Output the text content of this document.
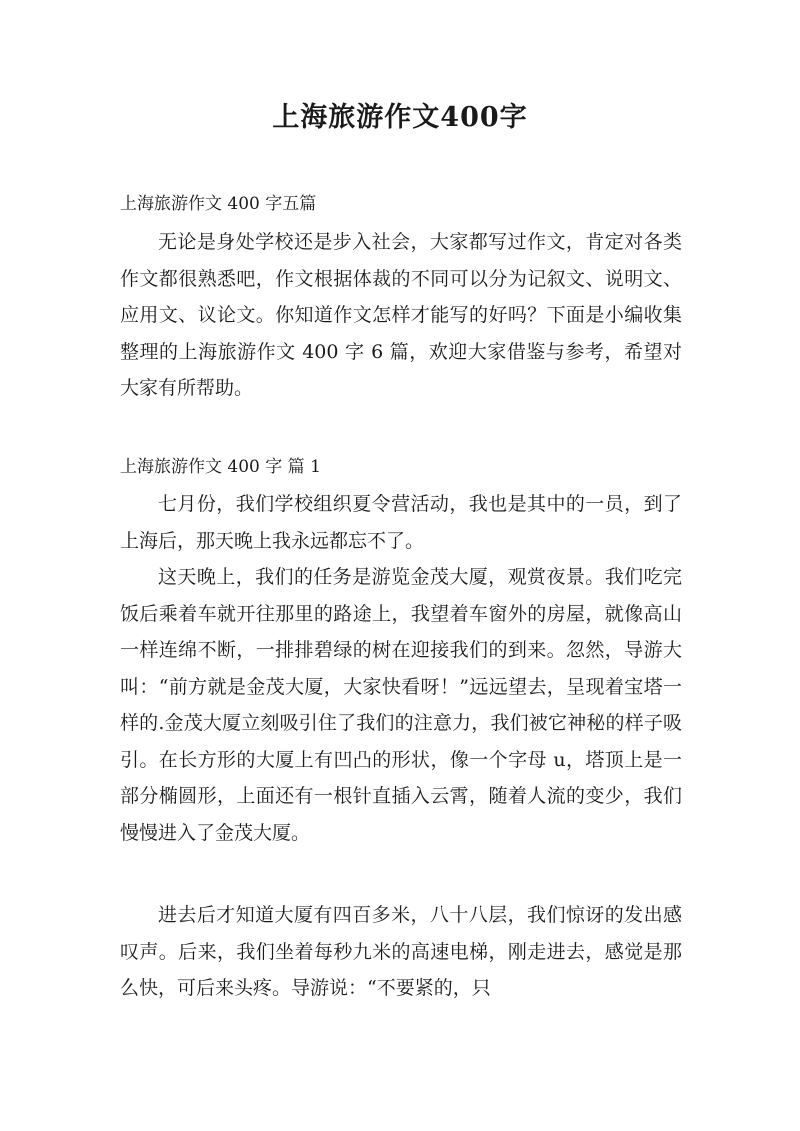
上海旅游作文400字
上海旅游作文 400 字五篇

无论是身处学校还是步入社会，大家都写过作文，肯定对各类作文都很熟悉吧，作文根据体裁的不同可以分为记叙文、说明文、应用文、议论文。你知道作文怎样才能写的好吗？下面是小编收集整理的上海旅游作文 400 字 6 篇，欢迎大家借鉴与参考，希望对大家有所帮助。

上海旅游作文 400 字 篇 1

七月份，我们学校组织夏令营活动，我也是其中的一员，到了上海后，那天晚上我永远都忘不了。

这天晚上，我们的任务是游览金茂大厦，观赏夜景。我们吃完饭后乘着车就开往那里的路途上，我望着车窗外的房屋，就像高山一样连绵不断，一排排碧绿的树在迎接我们的到来。忽然，导游大叫：“前方就是金茂大厦，大家快看呀！”远远望去，呈现着宝塔一样的.金茂大厦立刻吸引住了我们的注意力，我们被它神秘的样子吸引。在长方形的大厦上有凹凸的形状，像一个字母 u，塔顶上是一部分椭圆形，上面还有一根针直插入云霄，随着人流的变少，我们慢慢进入了金茂大厦。

进去后才知道大厦有四百多米，八十八层，我们惊讶的发出感叹声。后来，我们坐着每秒九米的高速电梯，刚走进去，感觉是那么快，可后来头疼。导游说：“不要紧的，只
